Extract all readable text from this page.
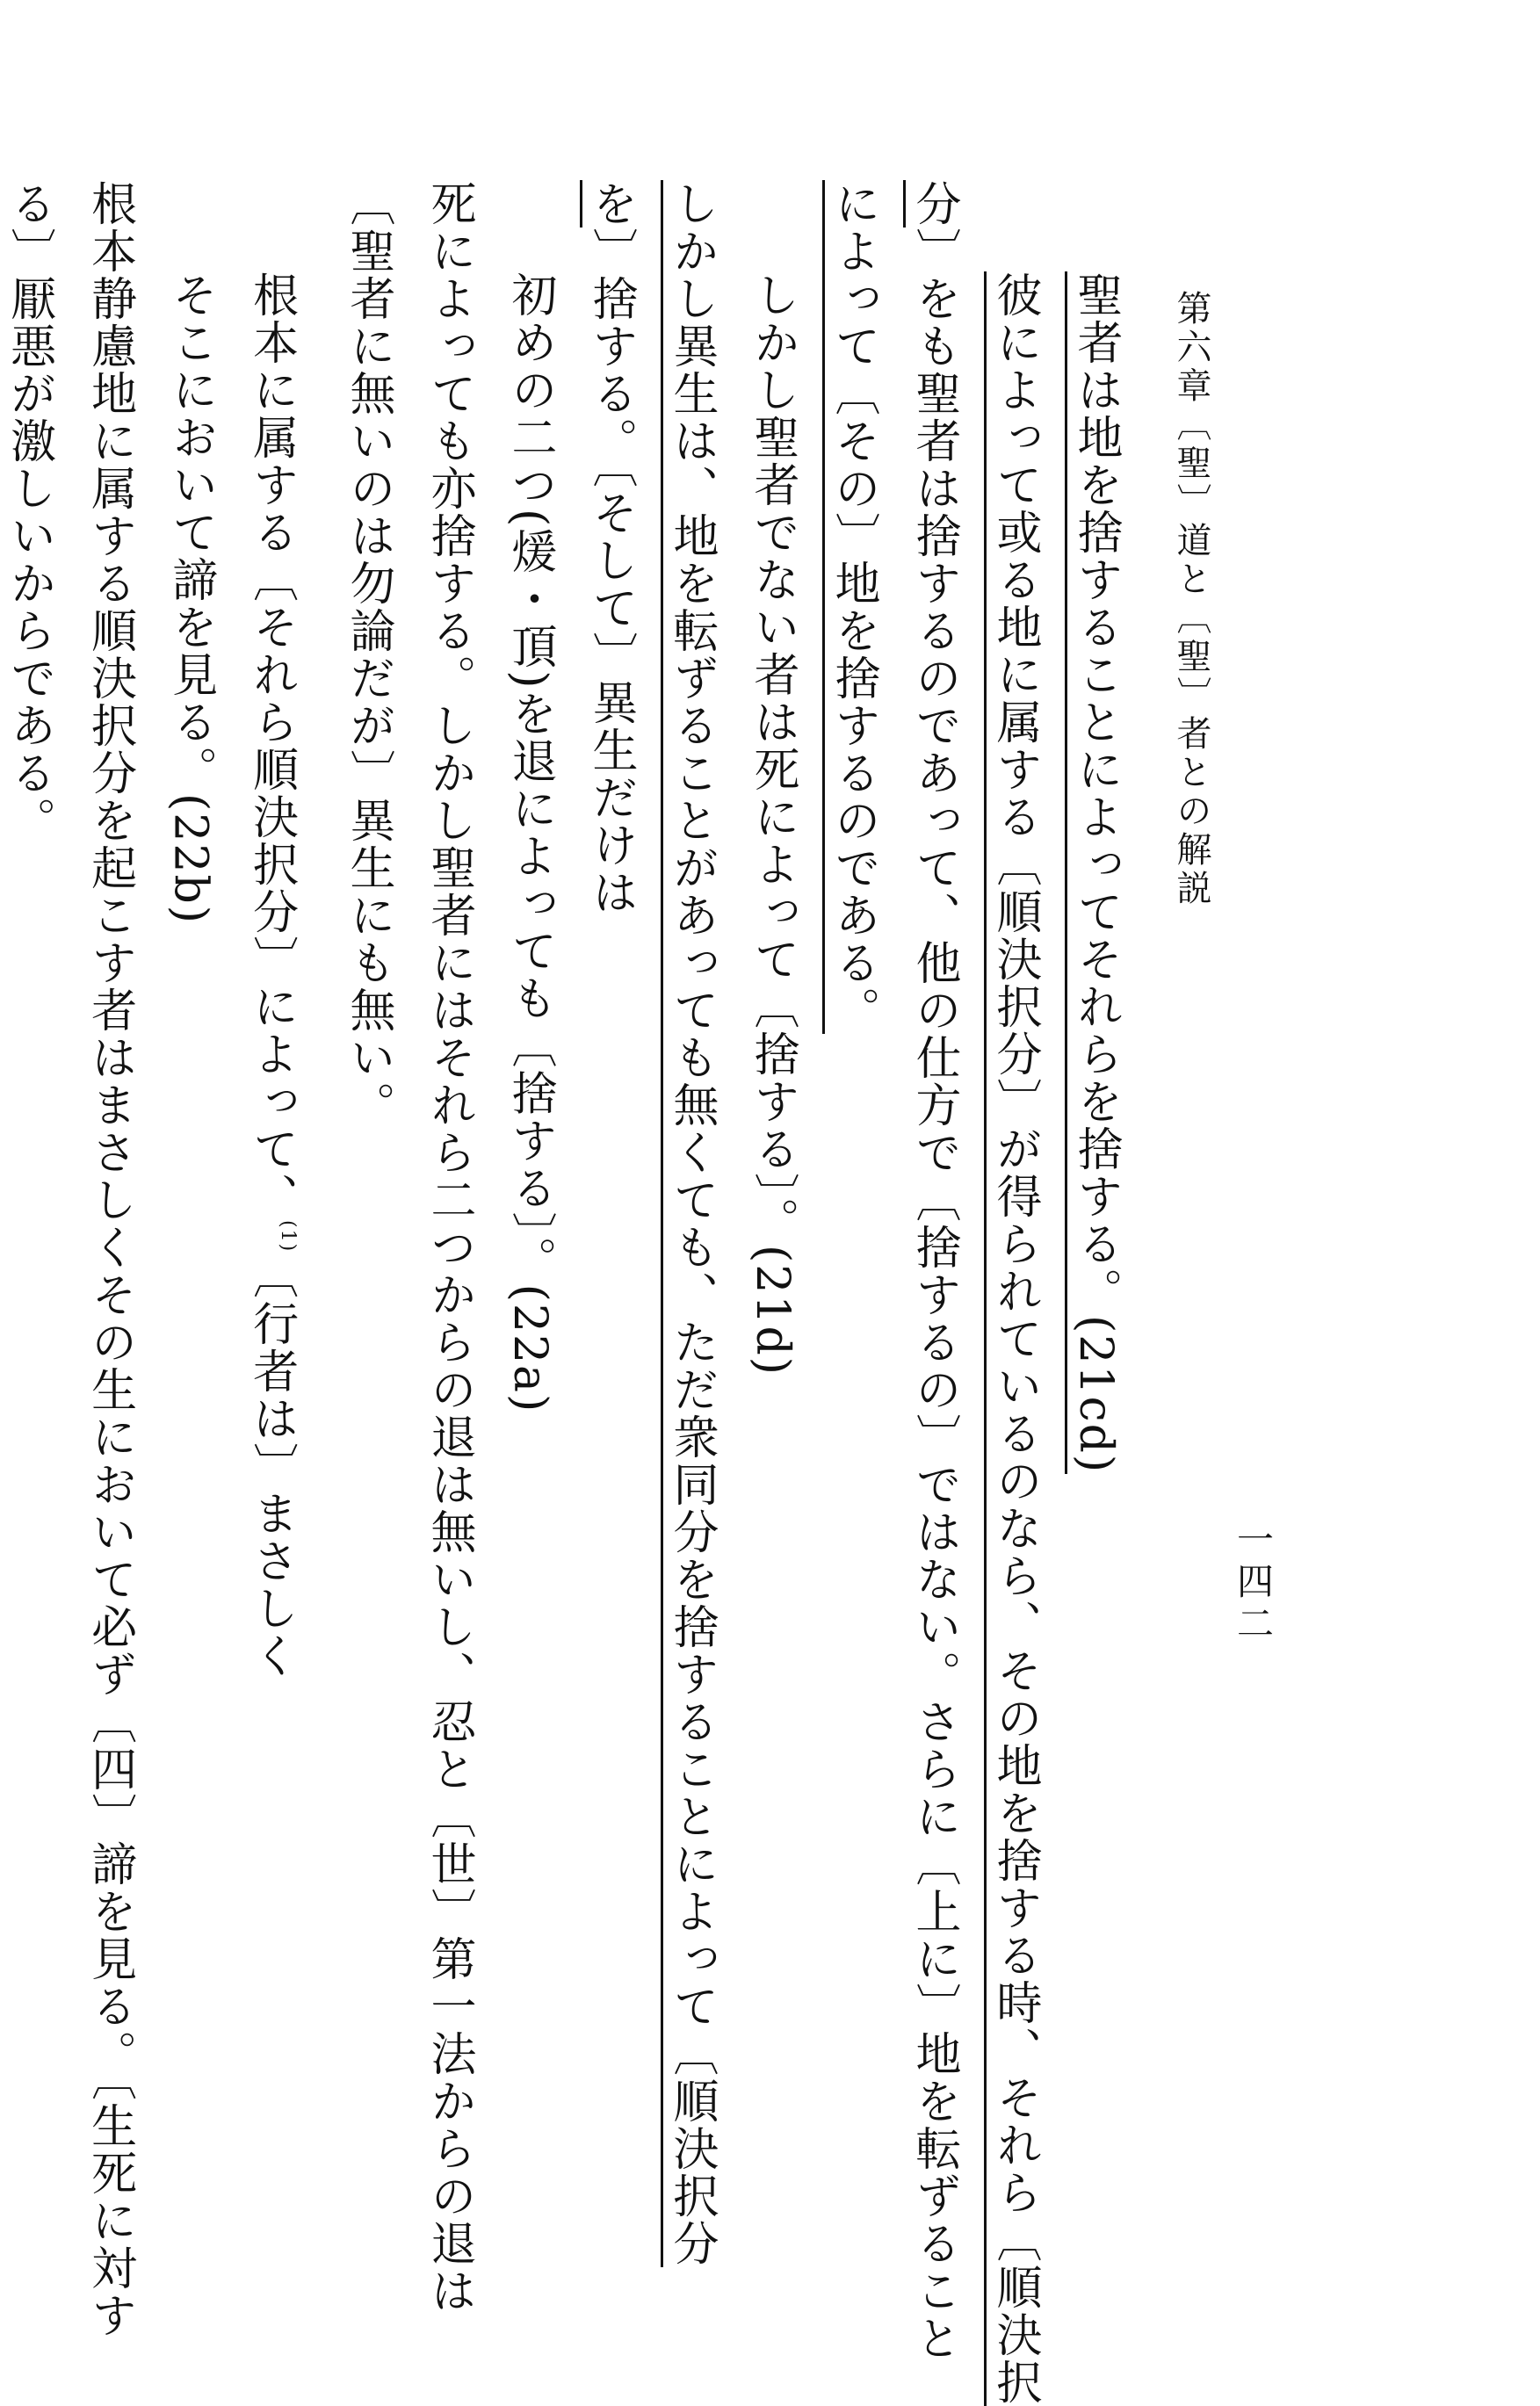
第六章〔聖〕道と〔聖〕者との解説
一四二
聖者は地を捨することによってそれらを捨する。(21cd)
彼によって或る地に属する〔順決択分〕が得られているのなら、その地を捨する時、それら〔順決択
分〕をも聖者は捨するのであって、他の仕方で〔捨するの〕ではない。さらに〔上に〕地を転ずること
によって〔その〕地を捨するのである。
しかし聖者でない者は死によって〔捨する〕。(21d)
しかし異生は、地を転ずることがあっても無くても、ただ衆同分を捨することによって〔順決択分
を〕捨する。〔そして〕異生だけは
初めの二つ(煖・頂)を退によっても〔捨する〕。(22a)
死によっても亦捨する。しかし聖者にはそれら二つからの退は無いし、忍と〔世〕第一法からの退は
〔聖者に無いのは勿論だが〕異生にも無い。
根本に属する〔それら順決択分〕によって、$^{(1)}$〔行者は〕まさしく
そこにおいて諦を見る。(22b)
根本静慮地に属する順決択分を起こす者はまさしくその生において必ず〔四〕諦を見る。〔生死に対す
る〕厭悪が激しいからである。
